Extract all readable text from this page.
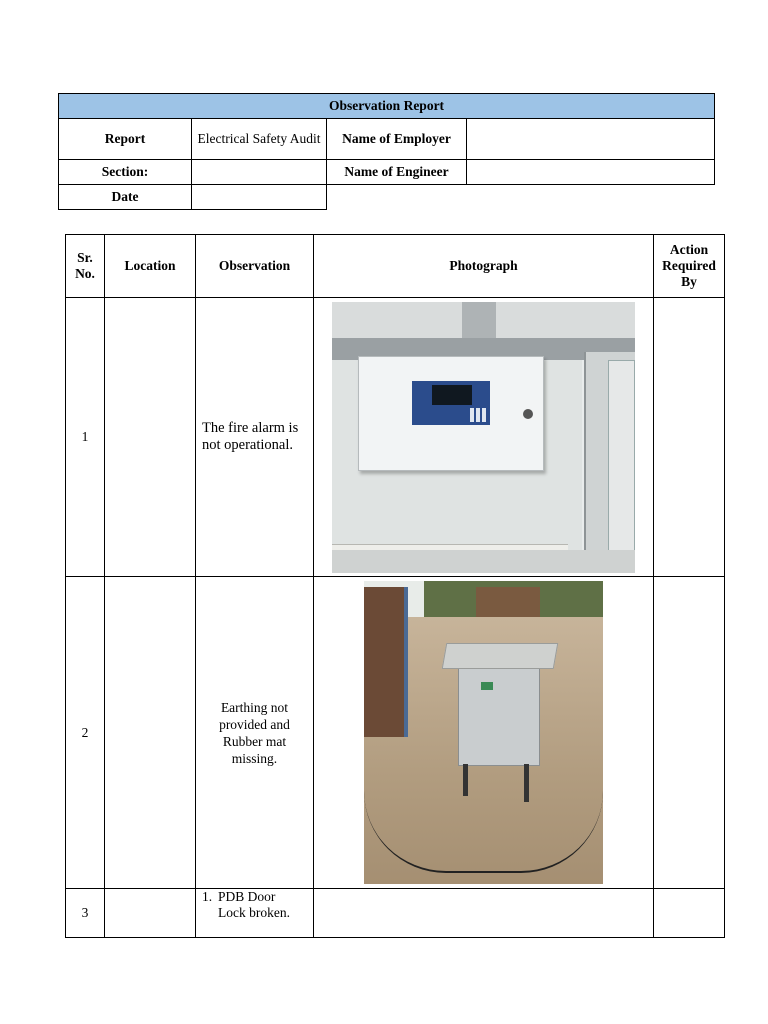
Observation Report			
Report	Electrical Safety Audit	Name of Employer	
Section:		Name of Engineer	
Date			
Sr. No.	Location	Observation	Photograph	Action Required By
1		The fire alarm is not operational.		

2		Earthing not provided and Rubber mat missing.		

3		1. PDB Door Lock broken.		
